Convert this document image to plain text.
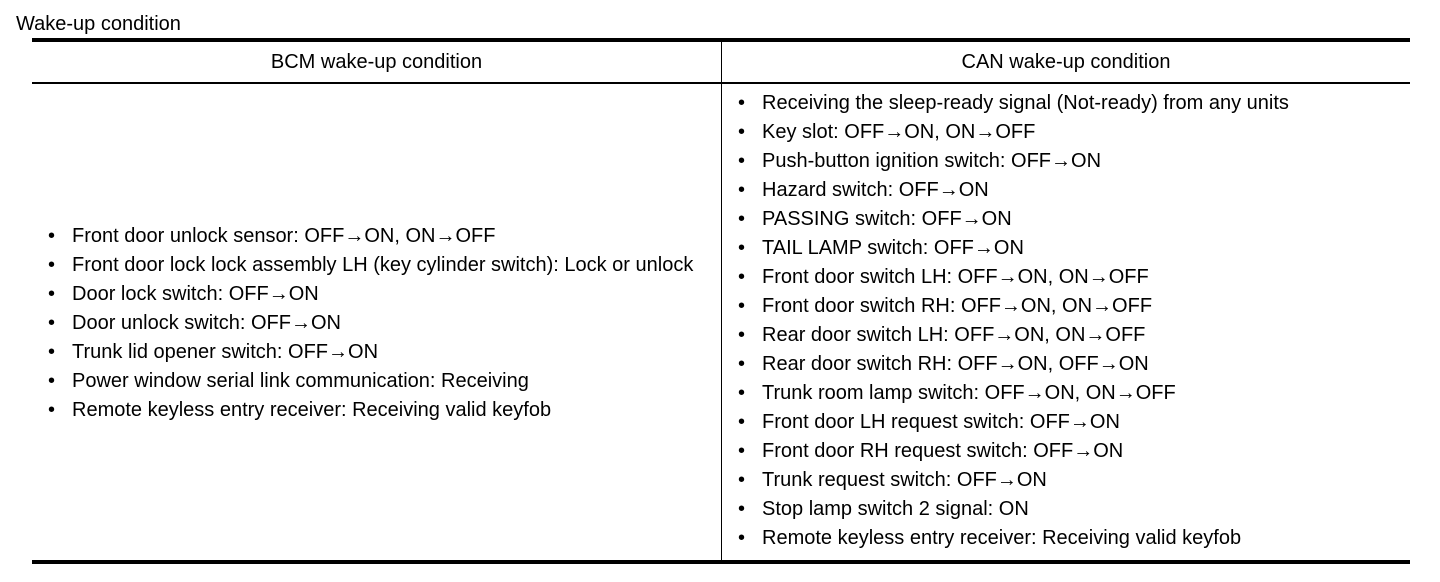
Wake-up condition
BCM wake-up condition	CAN wake-up condition
• Front door unlock sensor: OFF→ON, ON→OFF
• Front door lock lock assembly LH (key cylinder switch): Lock or unlock
• Door lock switch: OFF→ON
• Door unlock switch: OFF→ON
• Trunk lid opener switch: OFF→ON
• Power window serial link communication: Receiving
• Remote keyless entry receiver: Receiving valid keyfob
• Receiving the sleep-ready signal (Not-ready) from any units
• Key slot: OFF→ON, ON→OFF
• Push-button ignition switch: OFF→ON
• Hazard switch: OFF→ON
• PASSING switch: OFF→ON
• TAIL LAMP switch: OFF→ON
• Front door switch LH: OFF→ON, ON→OFF
• Front door switch RH: OFF→ON, ON→OFF
• Rear door switch LH: OFF→ON, ON→OFF
• Rear door switch RH: OFF→ON, OFF→ON
• Trunk room lamp switch: OFF→ON, ON→OFF
• Front door LH request switch: OFF→ON
• Front door RH request switch: OFF→ON
• Trunk request switch: OFF→ON
• Stop lamp switch 2 signal: ON
• Remote keyless entry receiver: Receiving valid keyfob
